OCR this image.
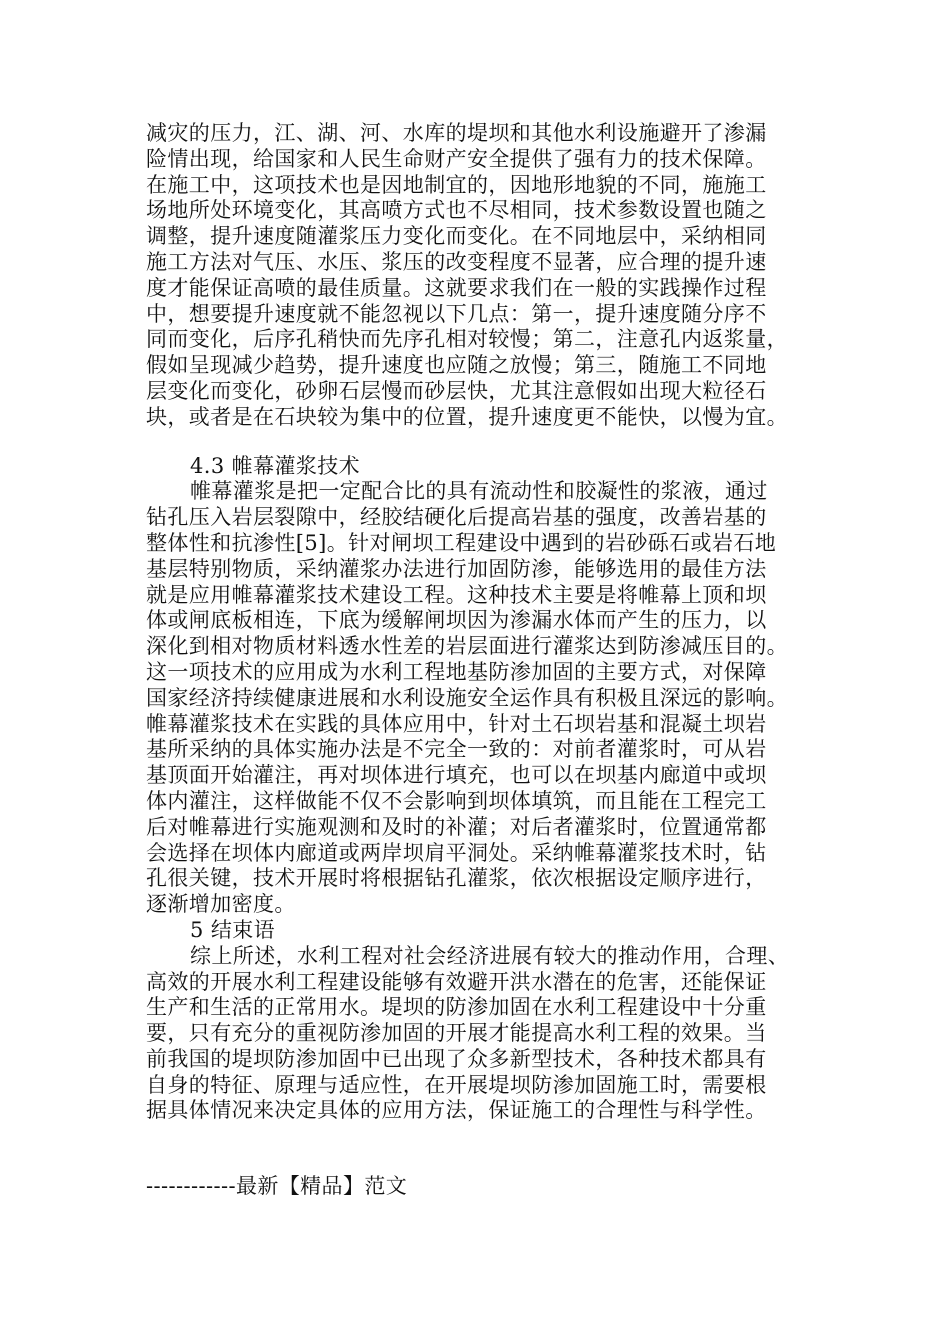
减灾的压力，江、湖、河、水库的堤坝和其他水利设施避开了渗漏
险情出现，给国家和人民生命财产安全提供了强有力的技术保障。
在施工中，这项技术也是因地制宜的，因地形地貌的不同，施施工
场地所处环境变化，其高喷方式也不尽相同，技术参数设置也随之
调整，提升速度随灌浆压力变化而变化。在不同地层中，采纳相同
施工方法对气压、水压、浆压的改变程度不显著，应合理的提升速
度才能保证高喷的最佳质量。这就要求我们在一般的实践操作过程
中，想要提升速度就不能忽视以下几点：第一，提升速度随分序不
同而变化，后序孔稍快而先序孔相对较慢；第二，注意孔内返浆量，
假如呈现减少趋势，提升速度也应随之放慢；第三，随施工不同地
层变化而变化，砂卵石层慢而砂层快，尤其注意假如出现大粒径石
块，或者是在石块较为集中的位置，提升速度更不能快，以慢为宜。
4.3 帷幕灌浆技术
帷幕灌浆是把一定配合比的具有流动性和胶凝性的浆液，通过
钻孔压入岩层裂隙中，经胶结硬化后提高岩基的强度，改善岩基的
整体性和抗渗性[5]。针对闸坝工程建设中遇到的岩砂砾石或岩石地
基层特别物质，采纳灌浆办法进行加固防渗，能够选用的最佳方法
就是应用帷幕灌浆技术建设工程。这种技术主要是将帷幕上顶和坝
体或闸底板相连，下底为缓解闸坝因为渗漏水体而产生的压力，以
深化到相对物质材料透水性差的岩层面进行灌浆达到防渗减压目的。
这一项技术的应用成为水利工程地基防渗加固的主要方式，对保障
国家经济持续健康进展和水利设施安全运作具有积极且深远的影响。
帷幕灌浆技术在实践的具体应用中，针对土石坝岩基和混凝土坝岩
基所采纳的具体实施办法是不完全一致的：对前者灌浆时，可从岩
基顶面开始灌注，再对坝体进行填充，也可以在坝基内廊道中或坝
体内灌注，这样做能不仅不会影响到坝体填筑，而且能在工程完工
后对帷幕进行实施观测和及时的补灌；对后者灌浆时，位置通常都
会选择在坝体内廊道或两岸坝肩平洞处。采纳帷幕灌浆技术时，钻
孔很关键，技术开展时将根据钻孔灌浆，依次根据设定顺序进行，
逐渐增加密度。
5 结束语
综上所述，水利工程对社会经济进展有较大的推动作用，合理、
高效的开展水利工程建设能够有效避开洪水潜在的危害，还能保证
生产和生活的正常用水。堤坝的防渗加固在水利工程建设中十分重
要，只有充分的重视防渗加固的开展才能提高水利工程的效果。当
前我国的堤坝防渗加固中已出现了众多新型技术，各种技术都具有
自身的特征、原理与适应性，在开展堤坝防渗加固施工时，需要根
据具体情况来决定具体的应用方法，保证施工的合理性与科学性。
------------最新【精品】范文
